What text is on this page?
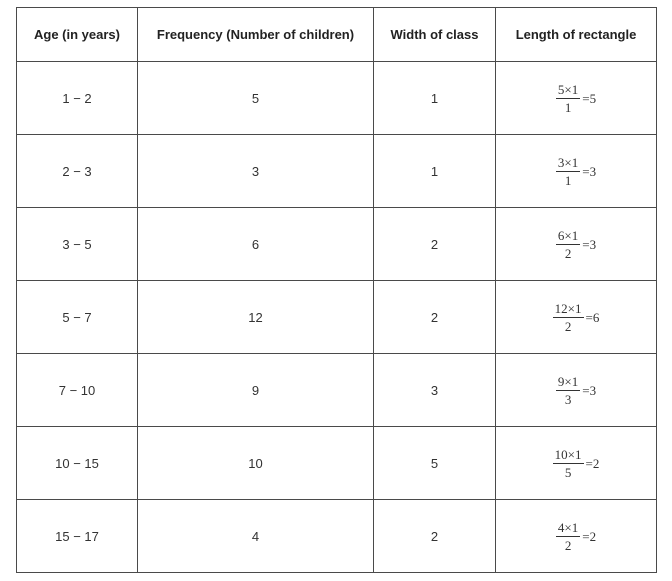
Age (in years)	Frequency (Number of children)	Width of class	Length of rectangle
1 − 2	5	1	$\frac{5\times 1}{1} =5$

2 − 3	3	1	$\frac{3\times 1}{1} =3$

3 − 5	6	2	$\frac{6\times 1}{2} =3$

5 − 7	12	2	$\frac{12\times 1}{2} =6$

7 − 10	9	3	$\frac{9\times 1}{3} =3$

10 − 15	10	5	$\frac{10\times 1}{5} =2$

15 − 17	4	2	$\frac{4\times 1}{2} =2$
